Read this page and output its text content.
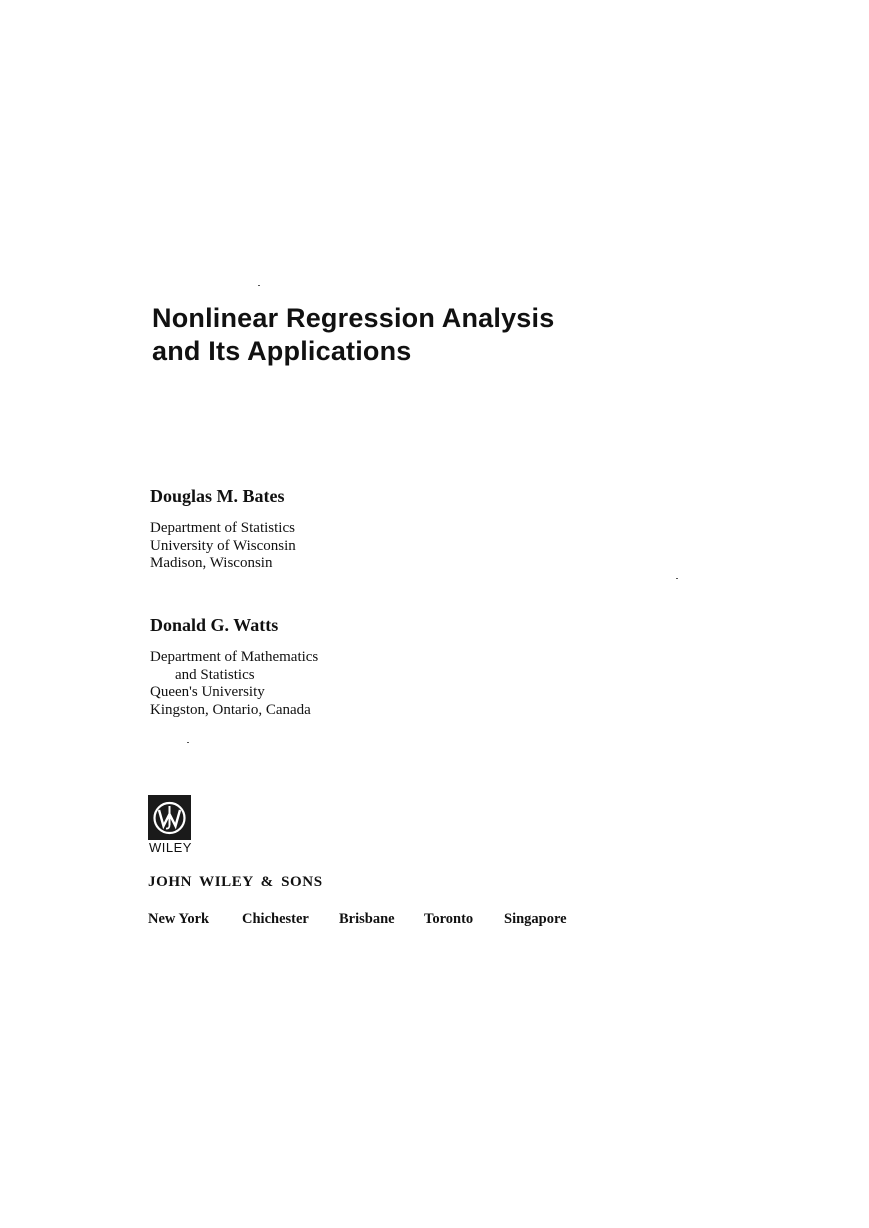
Nonlinear Regression Analysis
and Its Applications
Douglas M. Bates
Department of Statistics
University of Wisconsin
Madison, Wisconsin
Donald G. Watts
Department of Mathematics
and Statistics
Queen's University
Kingston, Ontario, Canada
WILEY
JOHN WILEY & SONS
New York Chichester Brisbane Toronto Singapore
